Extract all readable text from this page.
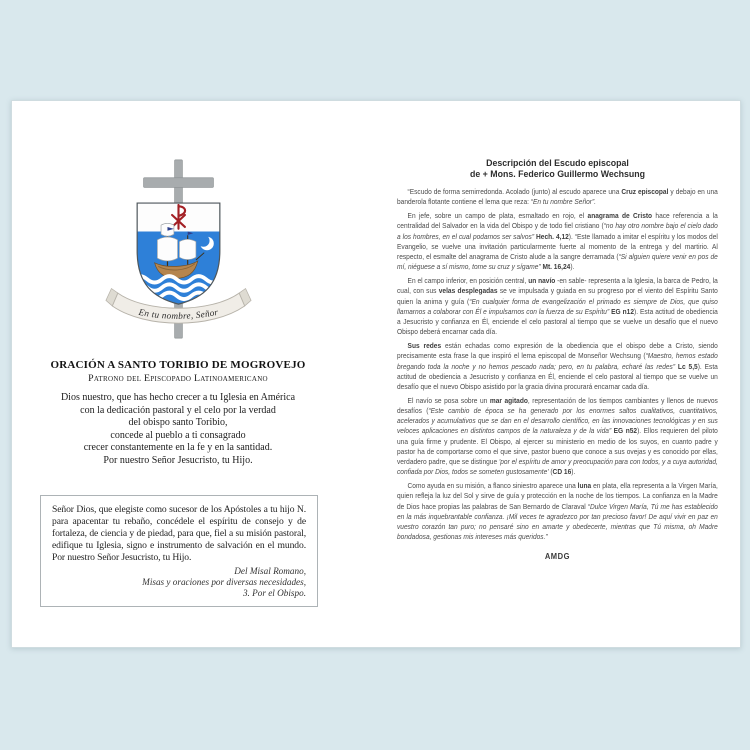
En tu nombre, Señor
ORACIÓN A SANTO TORIBIO DE MOGROVEJO
Patrono del Episcopado Latinoamericano
Dios nuestro, que has hecho crecer a tu Iglesia en América
con la dedicación pastoral y el celo por la verdad
del obispo santo Toribio,
concede al pueblo a ti consagrado
crecer constantemente en la fe y en la santidad.
Por nuestro Señor Jesucristo, tu Hijo.

Señor Dios, que elegiste como sucesor de los Apóstoles a tu hijo N. para apacentar tu rebaño, concédele el espíritu de consejo y de fortaleza, de ciencia y de piedad, para que, fiel a su misión pastoral, edifique tu Iglesia, signo e instrumento de salvación en el mundo. Por nuestro Señor Jesucristo, tu Hijo.

Del Misal Romano,
Misas y oraciones por diversas necesidades,
3. Por el Obispo.
Descripción del Escudo episcopal
de + Mons. Federico Guillermo Wechsung

“Escudo de forma semirredonda. Acolado (junto) al escudo aparece una Cruz episcopal y debajo en una banderola flotante contiene el lema que reza: “En tu nombre Señor”.

En jefe, sobre un campo de plata, esmaltado en rojo, el anagrama de Cristo hace referencia a la centralidad del Salvador en la vida del Obispo y de todo fiel cristiano (“no hay otro nombre bajo el cielo dado a los hombres, en el cual podamos ser salvos” Hech. 4,12). “Este llamado a imitar el espíritu y los modos del Evangelio, se vuelve una invitación particularmente fuerte al momento de la entrega y del martirio. Al respecto, el esmalte del anagrama de Cristo alude a la sangre derramada (“Si alguien quiere venir en pos de mí, niéguese a sí mismo, tome su cruz y sígame” Mt. 16,24).

En el campo inferior, en posición central, un navío -en sable- representa a la Iglesia, la barca de Pedro, la cual, con sus velas desplegadas se ve impulsada y guiada en su progreso por el viento del Espíritu Santo quien la anima y guía (“En cualquier forma de evangelización el primado es siempre de Dios, que quiso llamarnos a colaborar con Él e impulsarnos con la fuerza de su Espíritu” EG n12). Esta actitud de obediencia a Jesucristo y confianza en Él, enciende el celo pastoral al tiempo que se vuelve un desafío que el nuevo Obispo deberá encarnar cada día.

Sus redes están echadas como expresión de la obediencia que el obispo debe a Cristo, siendo precisamente esta frase la que inspiró el lema episcopal de Monseñor Wechsung (“Maestro, hemos estado bregando toda la noche y no hemos pescado nada; pero, en tu palabra, echaré las redes” Lc 5,5). Esta actitud de obediencia a Jesucristo y confianza en Él, enciende el celo pastoral al tiempo que se vuelve un desafío que el nuevo Obispo asistido por la gracia divina procurará encarnar cada día.

El navío se posa sobre un mar agitado, representación de los tiempos cambiantes y llenos de nuevos desafíos (“Este cambio de época se ha generado por los enormes saltos cualitativos, cuantitativos, acelerados y acumulativos que se dan en el desarrollo científico, en las innovaciones tecnológicas y en sus veloces aplicaciones en distintos campos de la naturaleza y de la vida” EG n52). Ellos requieren del piloto una guía firme y prudente. El Obispo, al ejercer su ministerio en medio de los suyos, en cuanto padre y pastor ha de comportarse como el que sirve, pastor bueno que conoce a sus ovejas y es conocido por ellas, verdadero padre, que se distingue 'por el espíritu de amor y preocupación para con todos, y a cuya autoridad, confiada por Dios, todos se someten gustosamente' (CD 16).

Como ayuda en su misión, a flanco siniestro aparece una luna en plata, ella representa a la Virgen María, quien refleja la luz del Sol y sirve de guía y protección en la noche de los tiempos. La confianza en la Madre de Dios hace propias las palabras de San Bernardo de Claraval “Dulce Virgen María, Tú me has establecido en la más inquebrantable confianza. ¡Mil veces te agradezco por tan precioso favor! De aquí vivir en paz en vuestro corazón tan puro; no pensaré sino en amarte y obedecerte, mientras que Tú misma, oh Madre bondadosa, gestionas mis intereses más queridos.”

AMDG
